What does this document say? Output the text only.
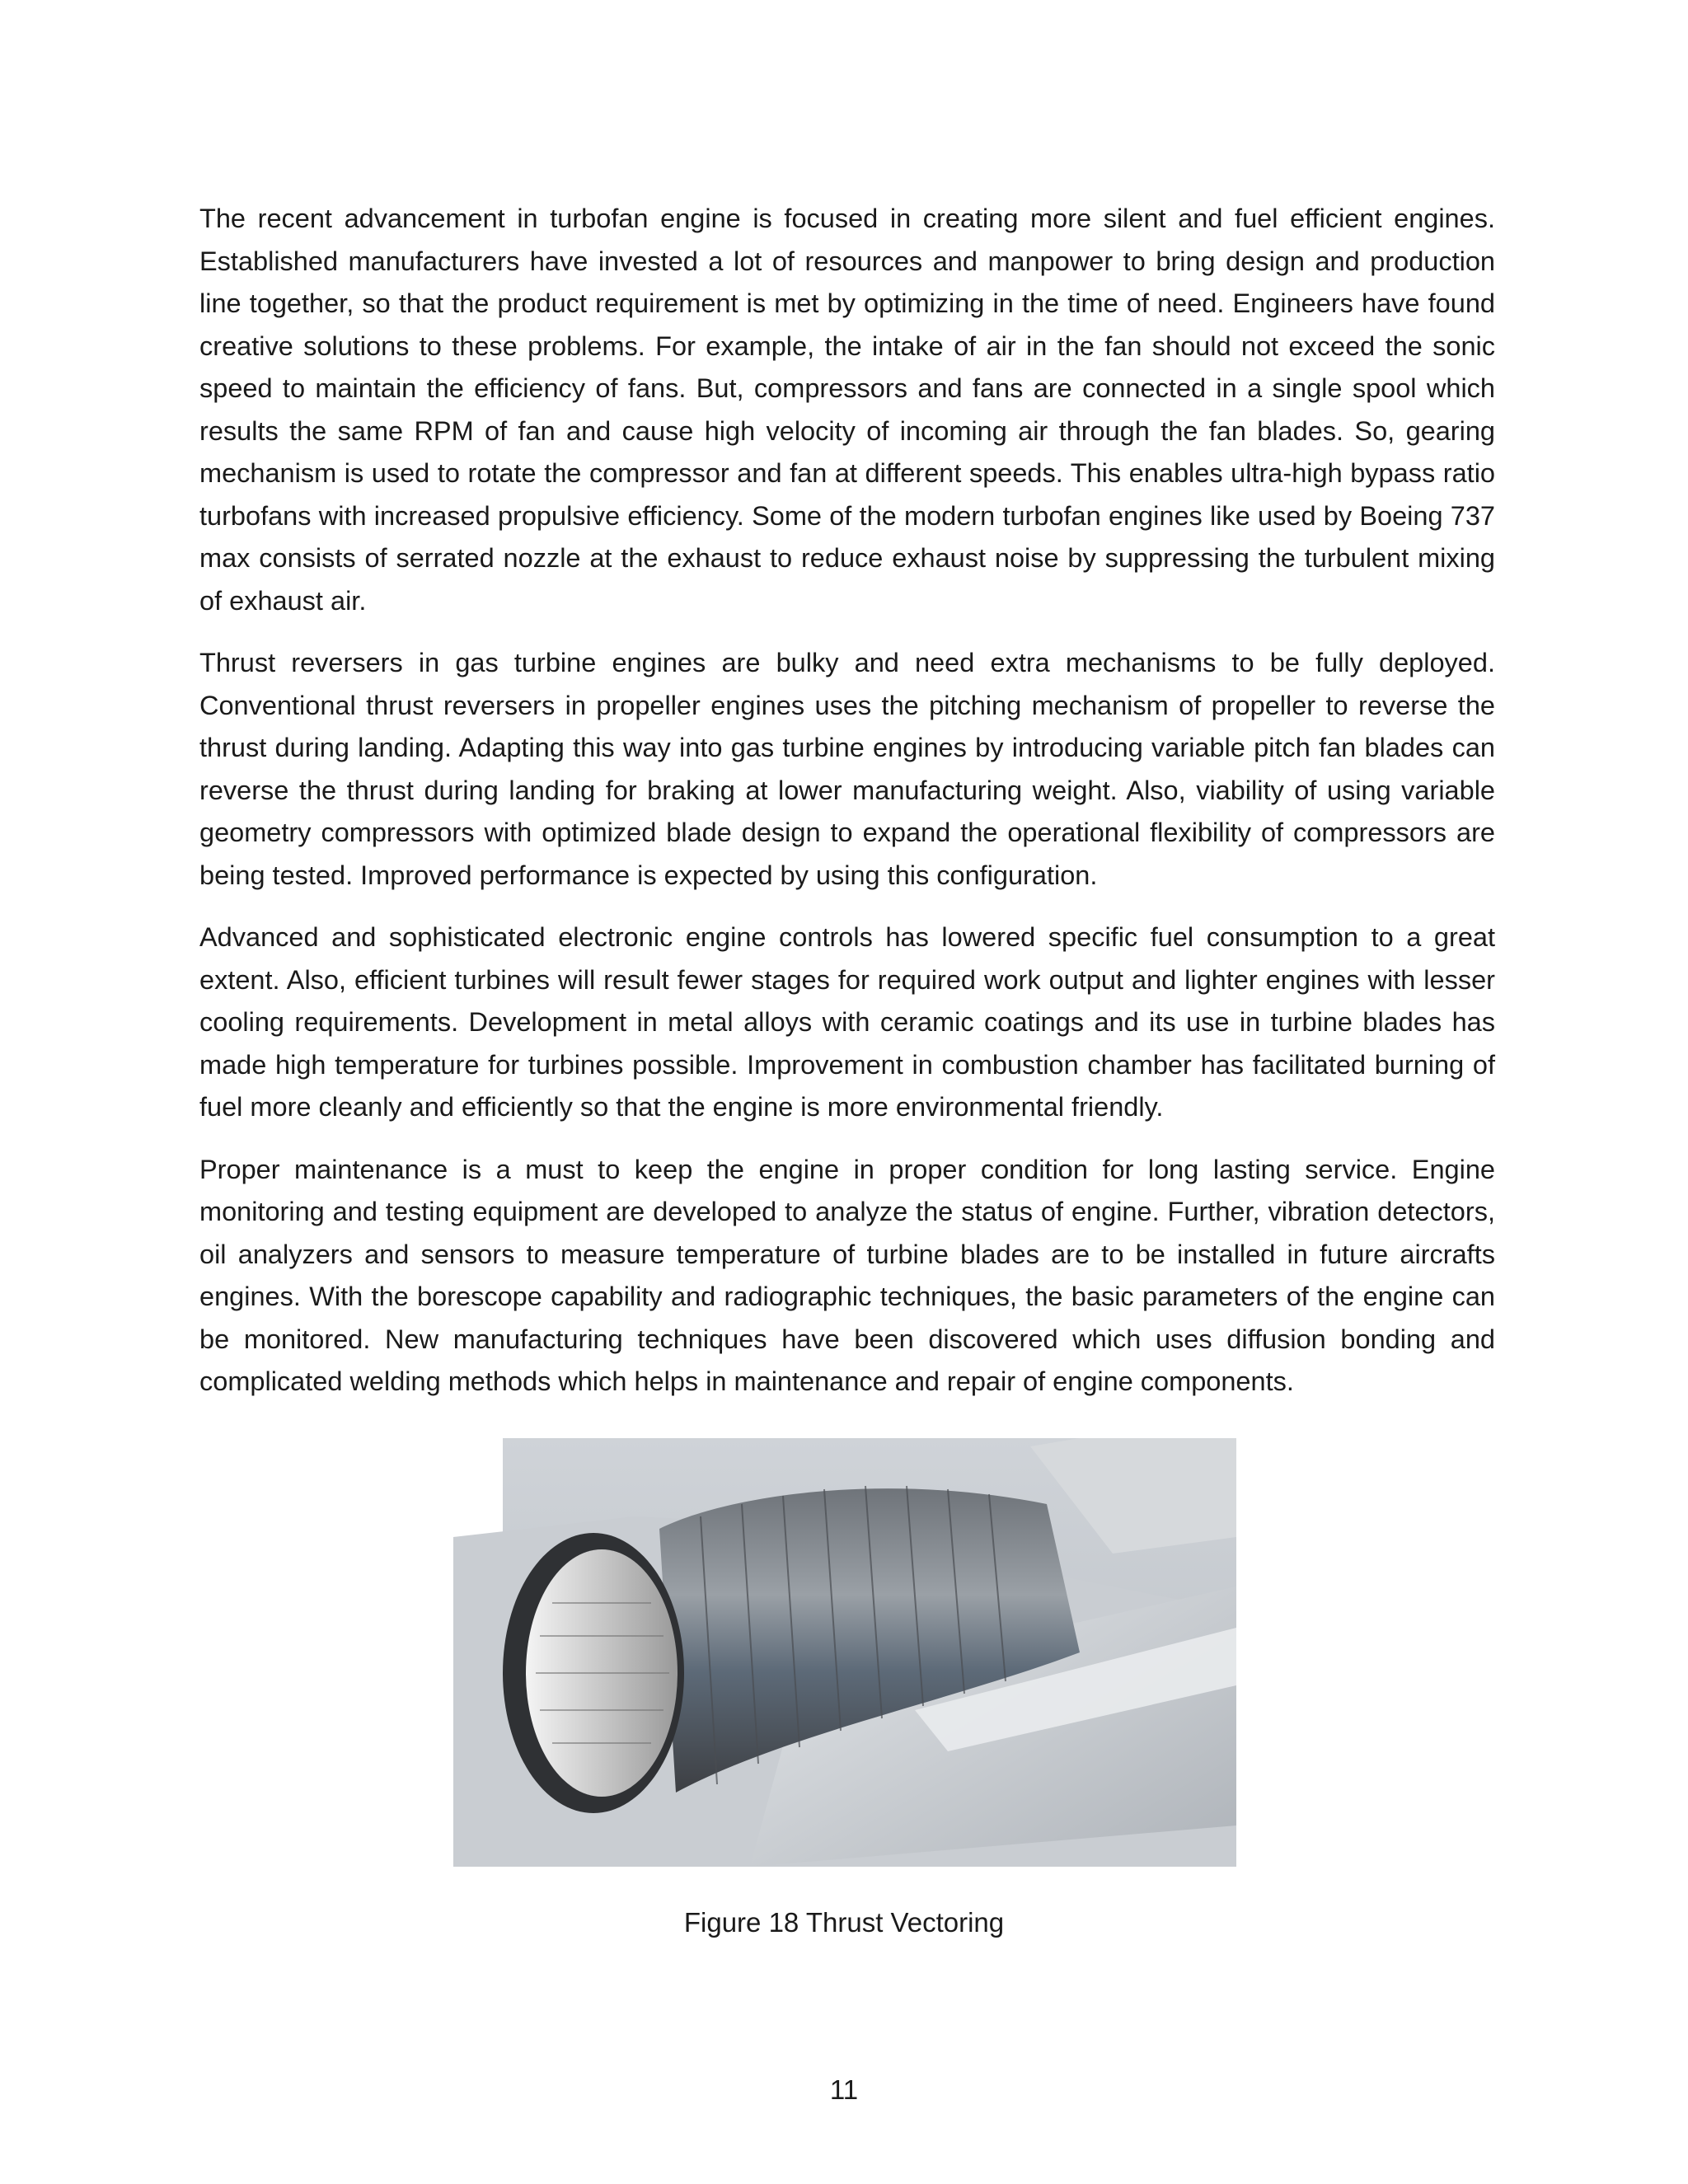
The recent advancement in turbofan engine is focused in creating more silent and fuel efficient engines. Established manufacturers have invested a lot of resources and manpower to bring design and production line together, so that the product requirement is met by optimizing in the time of need. Engineers have found creative solutions to these problems. For example, the intake of air in the fan should not exceed the sonic speed to maintain the efficiency of fans. But, compressors and fans are connected in a single spool which results the same RPM of fan and cause high velocity of incoming air through the fan blades. So, gearing mechanism is used to rotate the compressor and fan at different speeds. This enables ultra-high bypass ratio turbofans with increased propulsive efficiency. Some of the modern turbofan engines like used by Boeing 737 max consists of serrated nozzle at the exhaust to reduce exhaust noise by suppressing the turbulent mixing of exhaust air.

Thrust reversers in gas turbine engines are bulky and need extra mechanisms to be fully deployed. Conventional thrust reversers in propeller engines uses the pitching mechanism of propeller to reverse the thrust during landing. Adapting this way into gas turbine engines by introducing variable pitch fan blades can reverse the thrust during landing for braking at lower manufacturing weight. Also, viability of using variable geometry compressors with optimized blade design to expand the operational flexibility of compressors are being tested. Improved performance is expected by using this configuration.

Advanced and sophisticated electronic engine controls has lowered specific fuel consumption to a great extent. Also, efficient turbines will result fewer stages for required work output and lighter engines with lesser cooling requirements. Development in metal alloys with ceramic coatings and its use in turbine blades has made high temperature for turbines possible. Improvement in combustion chamber has facilitated burning of fuel more cleanly and efficiently so that the engine is more environmental friendly.

Proper maintenance is a must to keep the engine in proper condition for long lasting service. Engine monitoring and testing equipment are developed to analyze the status of engine. Further, vibration detectors, oil analyzers and sensors to measure temperature of turbine blades are to be installed in future aircrafts engines. With the borescope capability and radiographic techniques, the basic parameters of the engine can be monitored. New manufacturing techniques have been discovered which uses diffusion bonding and complicated welding methods which helps in maintenance and repair of engine components.

Figure 18 Thrust Vectoring
11
